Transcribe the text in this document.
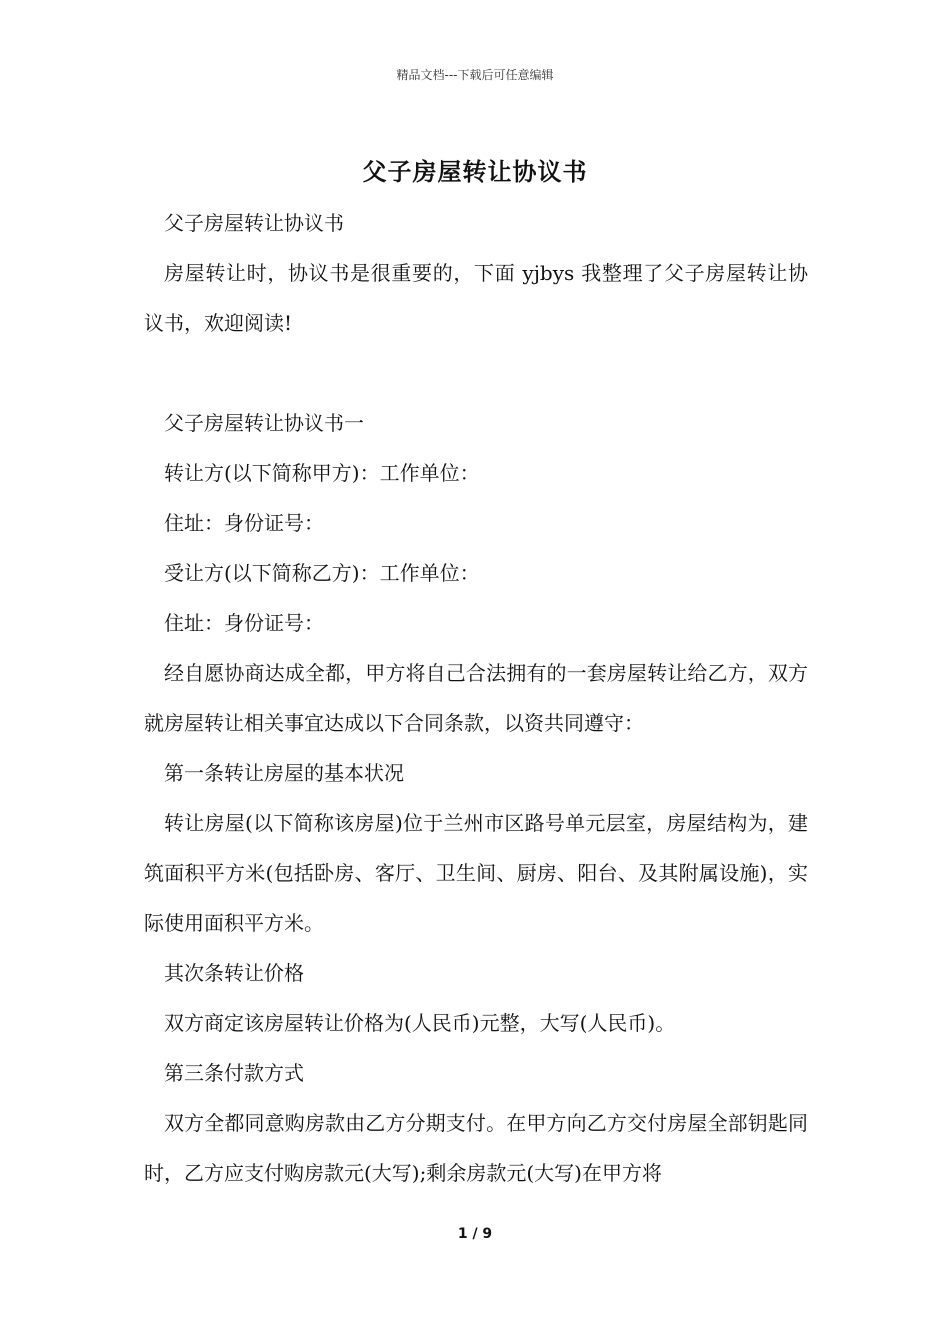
精品文档---下载后可任意编辑
父子房屋转让协议书

父子房屋转让协议书

房屋转让时，协议书是很重要的，下面 yjbys 我整理了父子房屋转让协议书，欢迎阅读!

父子房屋转让协议书一

转让方(以下简称甲方)：工作单位：

住址：身份证号：

受让方(以下简称乙方)：工作单位：

住址：身份证号：

经自愿协商达成全都，甲方将自己合法拥有的一套房屋转让给乙方，双方就房屋转让相关事宜达成以下合同条款，以资共同遵守：

第一条转让房屋的基本状况

转让房屋(以下简称该房屋)位于兰州市区路号单元层室，房屋结构为，建筑面积平方米(包括卧房、客厅、卫生间、厨房、阳台、及其附属设施)，实际使用面积平方米。

其次条转让价格

双方商定该房屋转让价格为(人民币)元整，大写(人民币)。

第三条付款方式

双方全都同意购房款由乙方分期支付。在甲方向乙方交付房屋全部钥匙同时，乙方应支付购房款元(大写);剩余房款元(大写)在甲方将

1 / 9
